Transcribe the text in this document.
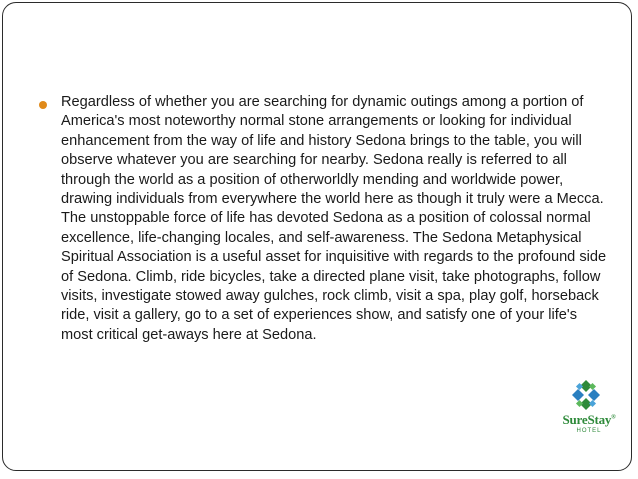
Regardless of whether you are searching for dynamic outings among a portion of America's most noteworthy normal stone arrangements or looking for individual enhancement from the way of life and history Sedona brings to the table, you will observe whatever you are searching for nearby. Sedona really is referred to all through the world as a position of otherworldly mending and worldwide power, drawing individuals from everywhere the world here as though it truly were a Mecca. The unstoppable force of life has devoted Sedona as a position of colossal normal excellence, life-changing locales, and self-awareness. The Sedona Metaphysical Spiritual Association is a useful asset for inquisitive with regards to the profound side of Sedona. Climb, ride bicycles, take a directed plane visit, take photographs, follow visits, investigate stowed away gulches, rock climb, visit a spa, play golf, horseback ride, visit a gallery, go to a set of experiences show, and satisfy one of your life's most critical get-aways here at Sedona.

SureStay®
HOTEL
